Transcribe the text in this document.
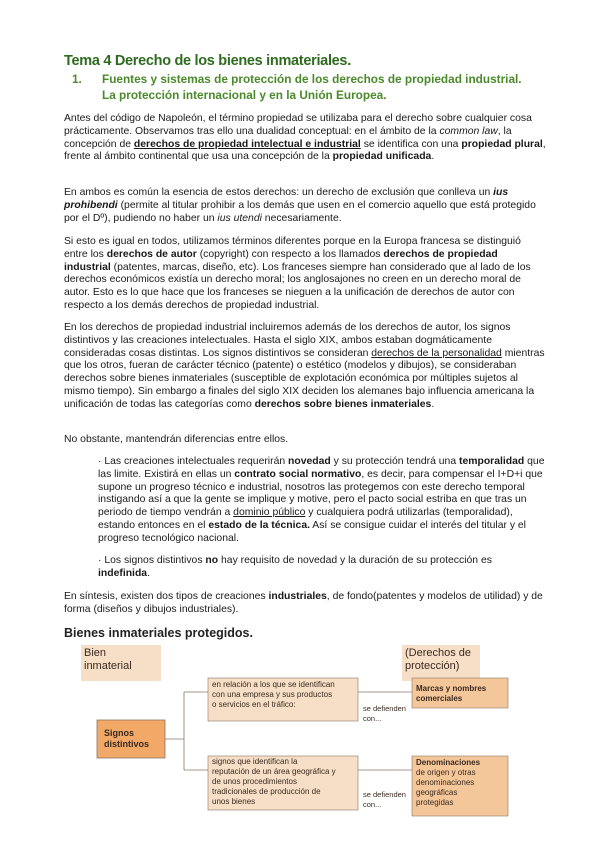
Tema 4 Derecho de los bienes inmateriales.
1. Fuentes y sistemas de protección de los derechos de propiedad industrial.
La protección internacional y en la Unión Europea.
Antes del código de Napoleón, el término propiedad se utilizaba para el derecho sobre cualquier cosa prácticamente. Observamos tras ello una dualidad conceptual: en el ámbito de la common law, la concepción de derechos de propiedad intelectual e industrial se identifica con una propiedad plural, frente al ámbito continental que usa una concepción de la propiedad unificada.
En ambos es común la esencia de estos derechos: un derecho de exclusión que conlleva un ius prohibendi (permite al titular prohibir a los demás que usen en el comercio aquello que está protegido por el Dº), pudiendo no haber un ius utendi necesariamente.
Si esto es igual en todos, utilizamos términos diferentes porque en la Europa francesa se distinguió entre los derechos de autor (copyright) con respecto a los llamados derechos de propiedad industrial (patentes, marcas, diseño, etc). Los franceses siempre han considerado que al lado de los derechos económicos existía un derecho moral; los anglosajones no creen en un derecho moral de autor. Esto es lo que hace que los franceses se nieguen a la unificación de derechos de autor con respecto a los demás derechos de propiedad industrial.
En los derechos de propiedad industrial incluiremos además de los derechos de autor, los signos distintivos y las creaciones intelectuales. Hasta el siglo XIX, ambos estaban dogmáticamente consideradas cosas distintas. Los signos distintivos se consideran derechos de la personalidad mientras que los otros, fueran de carácter técnico (patente) o estético (modelos y dibujos), se consideraban derechos sobre bienes inmateriales (susceptible de explotación económica por múltiples sujetos al mismo tiempo). Sin embargo a finales del siglo XIX deciden los alemanes bajo influencia americana la unificación de todas las categorías como derechos sobre bienes inmateriales.
No obstante, mantendrán diferencias entre ellos.
· Las creaciones intelectuales requerirán novedad y su protección tendrá una temporalidad que las limite. Existirá en ellas un contrato social normativo, es decir, para compensar el I+D+i que supone un progreso técnico e industrial, nosotros las protegemos con este derecho temporal instigando así a que la gente se implique y motive, pero el pacto social estriba en que tras un periodo de tiempo vendrán a dominio público y cualquiera podrá utilizarlas (temporalidad), estando entonces en el estado de la técnica. Así se consigue cuidar el interés del titular y el progreso tecnológico nacional.
· Los signos distintivos no hay requisito de novedad y la duración de su protección es indefinida.
En síntesis, existen dos tipos de creaciones industriales, de fondo(patentes y modelos de utilidad) y de forma (diseños y dibujos industriales).
Bienes inmateriales protegidos.
Bien
inmaterial
(Derechos de
protección)
Signos
distintivos
en relación a los que se identifican
con una empresa y sus productos
o servicios en el tráfico:	se defienden
con...
Marcas y nombres
comerciales
signos que identifican la
reputación de un área geográfica y
de unos procedimientos
tradicionales de producción de
unos bienes
se defienden
con...
Denominaciones
de origen y otras
denominaciones
geográficas
protegidas
